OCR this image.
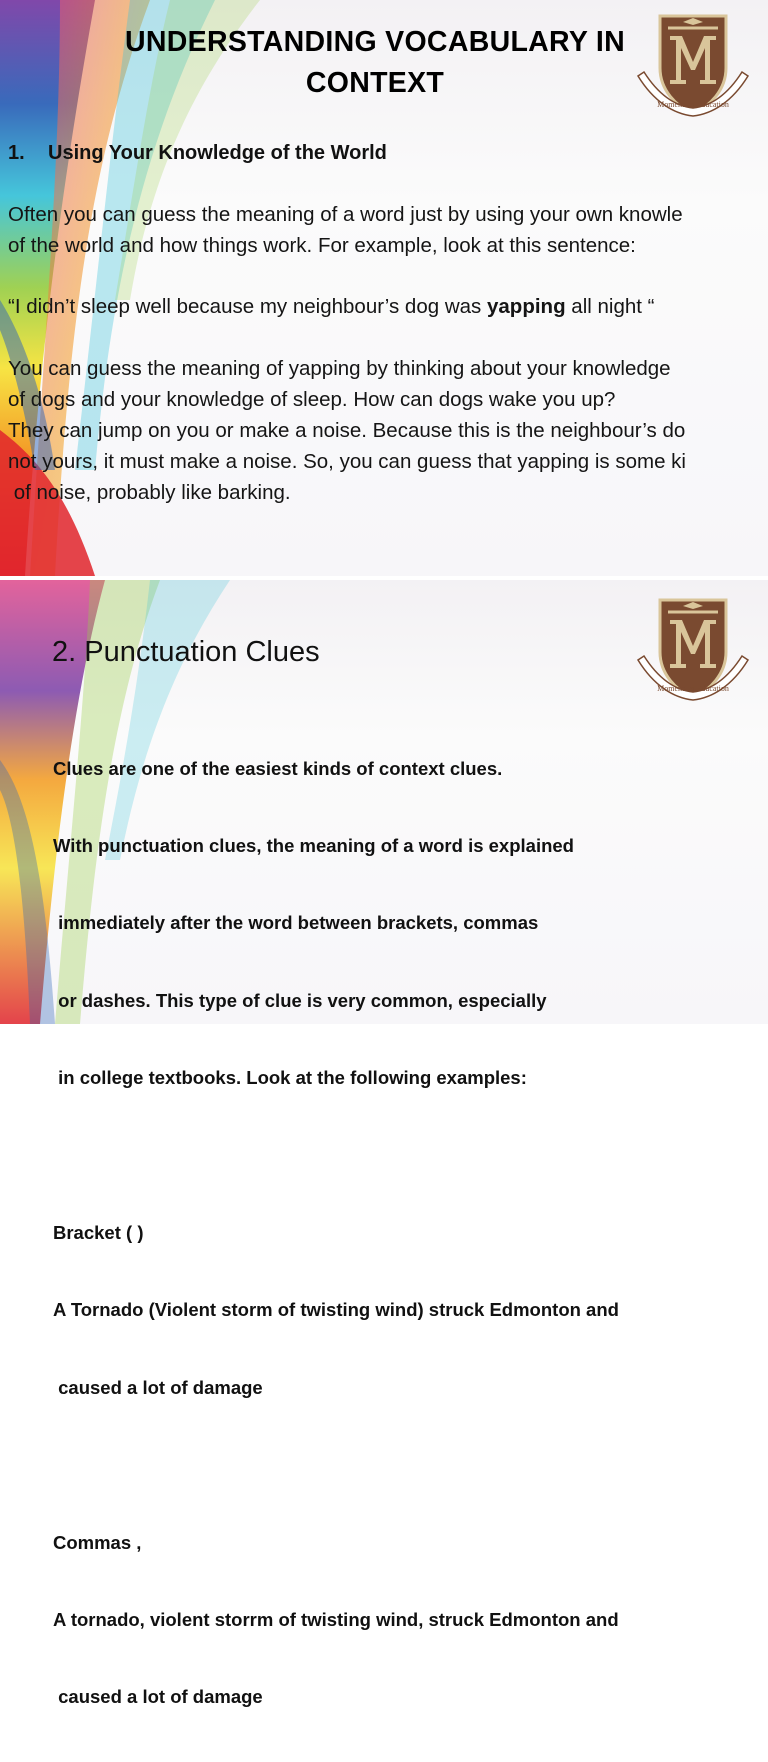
Momentum Education
UNDERSTANDING VOCABULARY IN
CONTEXT
1. Using Your Knowledge of the World

Often you can guess the meaning of a word just by using your own knowle

of the world and how things work. For example, look at this sentence:

“I didn’t sleep well because my neighbour’s dog was yapping all night “

You can guess the meaning of yapping by thinking about your knowledge

of dogs and your knowledge of sleep. How can dogs wake you up?

They can jump on you or make a noise. Because this is the neighbour’s do

not yours, it must make a noise. So, you can guess that yapping is some ki

of noise, probably like barking.

Momentum Education
2. Punctuation Clues

Clues are one of the easiest kinds of context clues.

With punctuation clues, the meaning of a word is explained

immediately after the word between brackets, commas

or dashes. This type of clue is very common, especially

in college textbooks. Look at the following examples:

Bracket ( )

A Tornado (Violent storm of twisting wind) struck Edmonton and

caused a lot of damage

Commas ,

A tornado, violent storrm of twisting wind, struck Edmonton and

caused a lot of damage
